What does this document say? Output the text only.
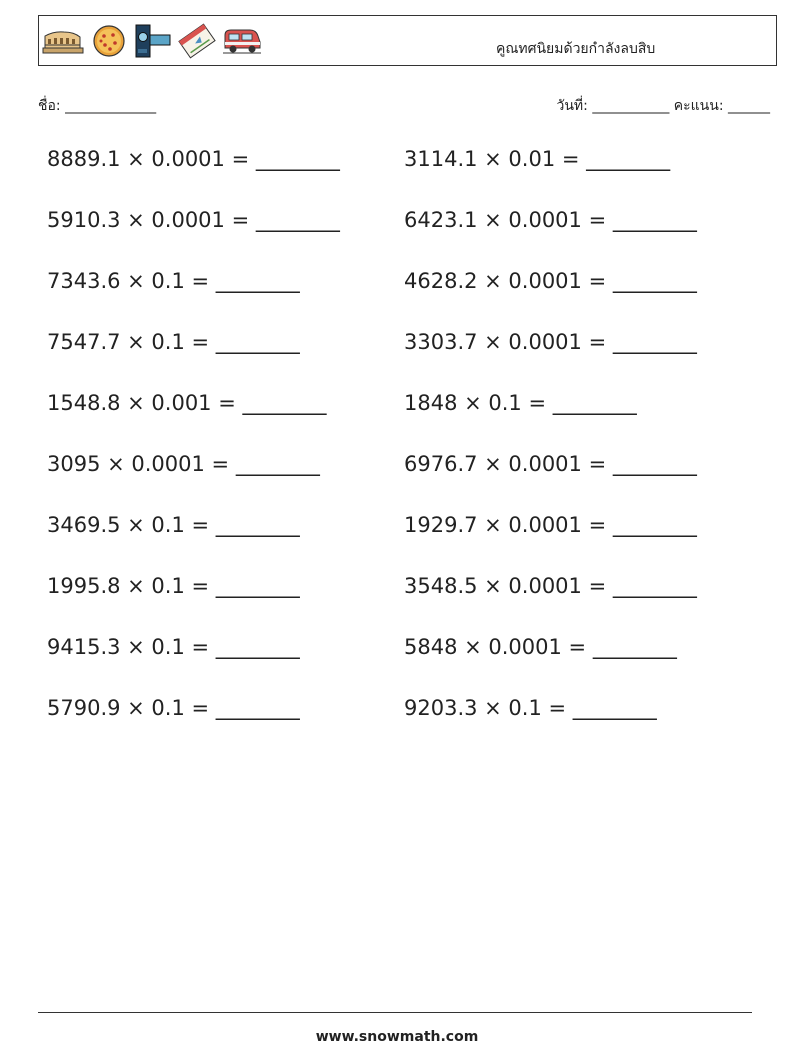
คูณทศนิยมด้วยกำลังลบสิบ
ชื่อ: _____________	วันที่: ___________ คะแนน: ______
8889.1 × 0.0001 = ________	3114.1 × 0.01 = ________
5910.3 × 0.0001 = ________	6423.1 × 0.0001 = ________
7343.6 × 0.1 = ________	4628.2 × 0.0001 = ________
7547.7 × 0.1 = ________	3303.7 × 0.0001 = ________
1548.8 × 0.001 = ________	1848 × 0.1 = ________
3095 × 0.0001 = ________	6976.7 × 0.0001 = ________
3469.5 × 0.1 = ________	1929.7 × 0.0001 = ________
1995.8 × 0.1 = ________	3548.5 × 0.0001 = ________
9415.3 × 0.1 = ________	5848 × 0.0001 = ________
5790.9 × 0.1 = ________	9203.3 × 0.1 = ________
www.snowmath.com
